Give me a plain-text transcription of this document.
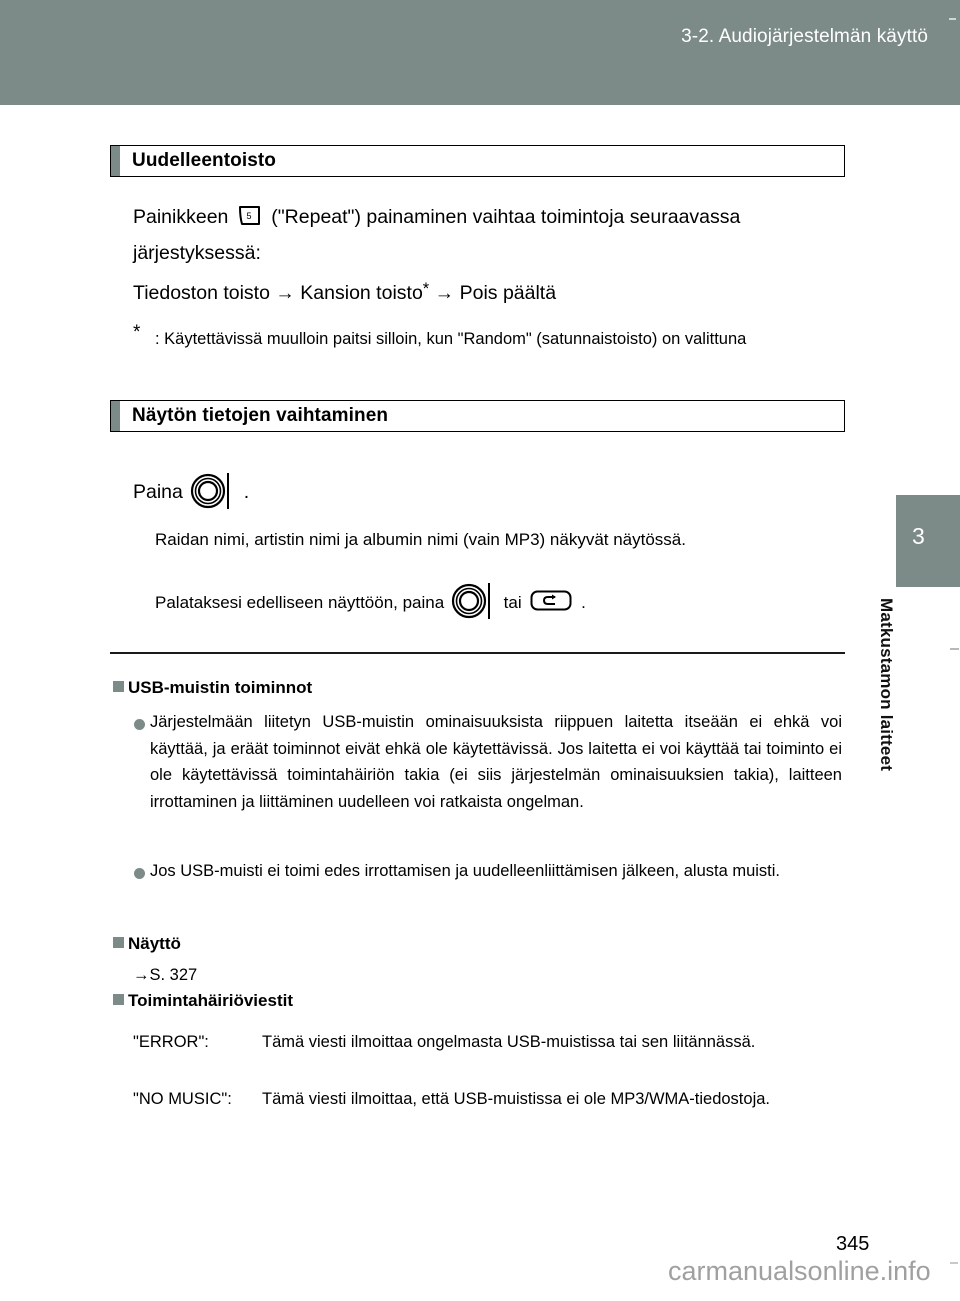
3-2. Audiojärjestelmän käyttö
3
Matkustamon laitteet
Uudelleentoisto
Painikkeen 5 ("Repeat") painaminen vaihtaa toimintoja seuraavassa järjestyksessä:
Tiedoston toisto → Kansion toisto* → Pois päältä
* : Käytettävissä muulloin paitsi silloin, kun "Random" (satunnaistoisto) on valittuna
Näytön tietojen vaihtaminen
Paina	.
Raidan nimi, artistin nimi ja albumin nimi (vain MP3) näkyvät näytössä.
Palataksesi edelliseen näyttöön, paina	tai	.
USB-muistin toiminnot
Järjestelmään liitetyn USB-muistin ominaisuuksista riippuen laitetta itseään ei ehkä voi käyttää, ja eräät toiminnot eivät ehkä ole käytettävissä. Jos laitetta ei voi käyttää tai toiminto ei ole käytettävissä toimintahäiriön takia (ei siis järjestelmän ominaisuuksien takia), laitteen irrottaminen ja liittäminen uudelleen voi ratkaista ongelman.
Jos USB-muisti ei toimi edes irrottamisen ja uudelleenliittämisen jälkeen, alusta muisti.
Näyttö
→S. 327
Toimintahäiriöviestit
"ERROR":	Tämä viesti ilmoittaa ongelmasta USB-muistissa tai sen liitännässä.
"NO MUSIC": Tämä viesti ilmoittaa, että USB-muistissa ei ole MP3/WMA-tiedostoja.
345
carmanualsonline.info
